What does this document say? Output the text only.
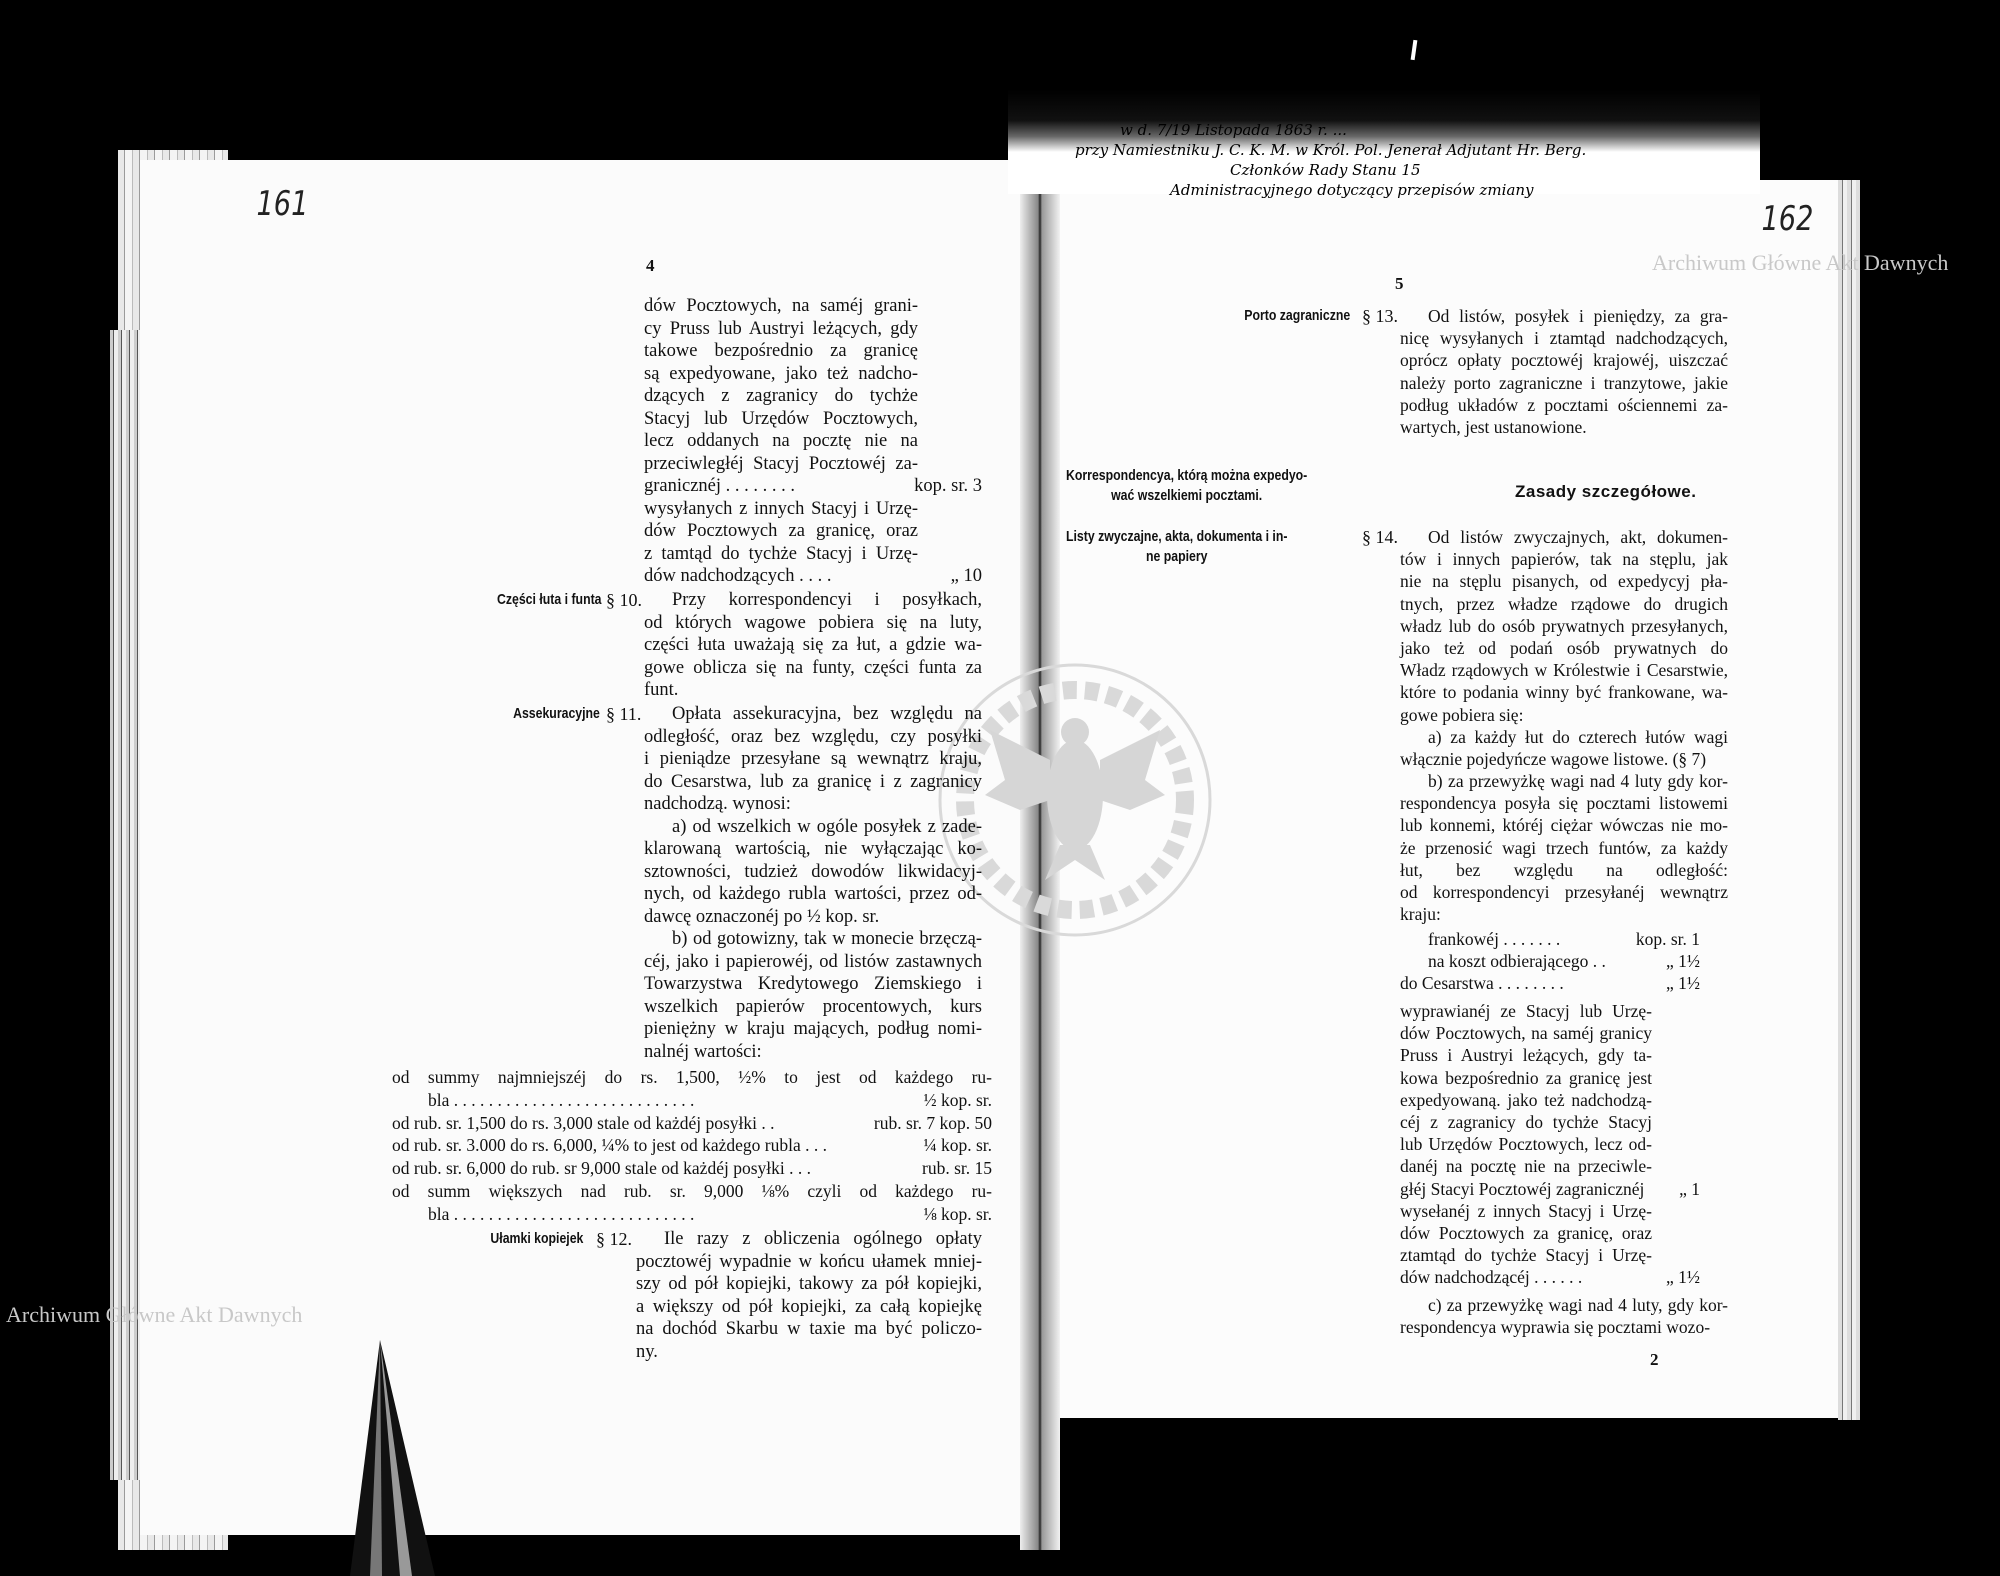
w d. 7/19 Listopada 1863 r. ...
przy Namiestniku J. C. K. M. w Król. Pol. Jenerał Adjutant Hr. Berg.
Członków Rady Stanu 15
Administracyjnego dotyczący przepisów zmiany
4
Archiwum Główne Akt Dawnych
Archiwum Główne Akt Dawnych
161	162
4
dów Pocztowych, na saméj grani-
cy Pruss lub Austryi leżących, gdy
takowe bezpośrednio za granicę
są expedyowane, jako też nadcho-
dzących z zagranicy do tychże
Stacyj lub Urzędów Pocztowych,
lecz oddanych na pocztę nie na
przeciwległéj Stacyj Pocztowéj za-
granicznéj . . . . . . . .	kop. sr. 3
wysyłanych z innych Stacyj i Urzę-
dów Pocztowych za granicę, oraz
z tamtąd do tychże Stacyj i Urzę-
dów nadchodzących . . . .	„ 10
Części łuta i funta § 10.	Przy korrespondencyi i posyłkach,
od których wagowe pobiera się na luty,
części łuta uważają się za łut, a gdzie wa-
gowe oblicza się na funty, części funta za
funt.
Assekuracyjne § 11.	Opłata assekuracyjna, bez względu na
odległość, oraz bez względu, czy posyłki
i pieniądze przesyłane są wewnątrz kraju,
do Cesarstwa, lub za granicę i z zagranicy
nadchodzą. wynosi:
a) od wszelkich w ogóle posyłek z zade-
klarowaną wartością, nie wyłączając ko-
sztowności, tudzież dowodów likwidacyj-
nych, od każdego rubla wartości, przez od-
dawcę oznaczonéj po ½ kop. sr.
b) od gotowizny, tak w monecie brzęczą-
céj, jako i papierowéj, od listów zastawnych
Towarzystwa Kredytowego Ziemskiego i
wszelkich papierów procentowych, kurs
pieniężny w kraju mających, podług nomi-
nalnéj wartości:
od summy najmniejszéj do rs. 1,500, ½% to jest od każdego ru-
bla . . . . . . . . . . . . . . . . . . . . . . . . . . . .	½ kop. sr.
od rub. sr. 1,500 do rs. 3,000 stale od każdéj posyłki . .	rub. sr. 7 kop. 50
od rub. sr. 3.000 do rs. 6,000, ¼% to jest od każdego rubla . . .	¼ kop. sr.
od rub. sr. 6,000 do rub. sr 9,000 stale od każdéj posyłki . . .	rub. sr. 15
od summ większych nad rub. sr. 9,000 ⅛% czyli od każdego ru-
bla . . . . . . . . . . . . . . . . . . . . . . . . . . . .	⅛ kop. sr.
Ułamki kopiejek § 12.	Ile razy z obliczenia ogólnego opłaty
pocztowéj wypadnie w końcu ułamek mniej-
szy od pół kopiejki, takowy za pół kopiejki,
a większy od pół kopiejki, za całą kopiejkę
na dochód Skarbu w taxie ma być policzo-
ny.
5
Porto zagraniczne § 13.	Od listów, posyłek i pieniędzy, za gra-
nicę wysyłanych i ztamtąd nadchodzących,
oprócz opłaty pocztowéj krajowéj, uiszczać
należy porto zagraniczne i tranzytowe, jakie
podług układów z pocztami ościennemi za-
wartych, jest ustanowione.
Korrespondencya, którą można expedyo-
wać wszelkiemi pocztami.	Zasady szczegółowe.
Listy zwyczajne, akta, dokumenta i in-
ne papiery
§ 14.	Od listów zwyczajnych, akt, dokumen-
tów i innych papierów, tak na stęplu, jak
nie na stęplu pisanych, od expedycyj pła-
tnych, przez władze rządowe do drugich
władz lub do osób prywatnych przesyłanych,
jako też od podań osób prywatnych do
Władz rządowych w Królestwie i Cesarstwie,
które to podania winny być frankowane, wa-
gowe pobiera się:
a) za każdy łut do czterech łutów wagi
włącznie pojedyńcze wagowe listowe. (§ 7)
b) za przewyżkę wagi nad 4 luty gdy kor-
respondencya posyła się pocztami listowemi
lub konnemi, któréj ciężar wówczas nie mo-
że przenosić wagi trzech funtów, za każdy
łut, bez względu na odległość:
od korrespondencyi przesyłanéj wewnątrz
kraju:
frankowéj . . . . . . .	kop. sr. 1
na koszt odbierającego . .	„ 1½
do Cesarstwa . . . . . . . .	„ 1½
wyprawianéj ze Stacyj lub Urzę-
dów Pocztowych, na saméj granicy
Pruss i Austryi leżących, gdy ta-
kowa bezpośrednio za granicę jest
expedyowaną. jako też nadchodzą-
céj z zagranicy do tychże Stacyj
lub Urzędów Pocztowych, lecz od-
danéj na pocztę nie na przeciwle-
głéj Stacyi Pocztowéj zagranicznéj	„ 1
wysełanéj z innych Stacyj i Urzę-
dów Pocztowych za granicę, oraz
ztamtąd do tychże Stacyj i Urzę-
dów nadchodzącéj . . . . . .	„ 1½
c) za przewyżkę wagi nad 4 luty, gdy kor-
respondencya wyprawia się pocztami wozo-
2
